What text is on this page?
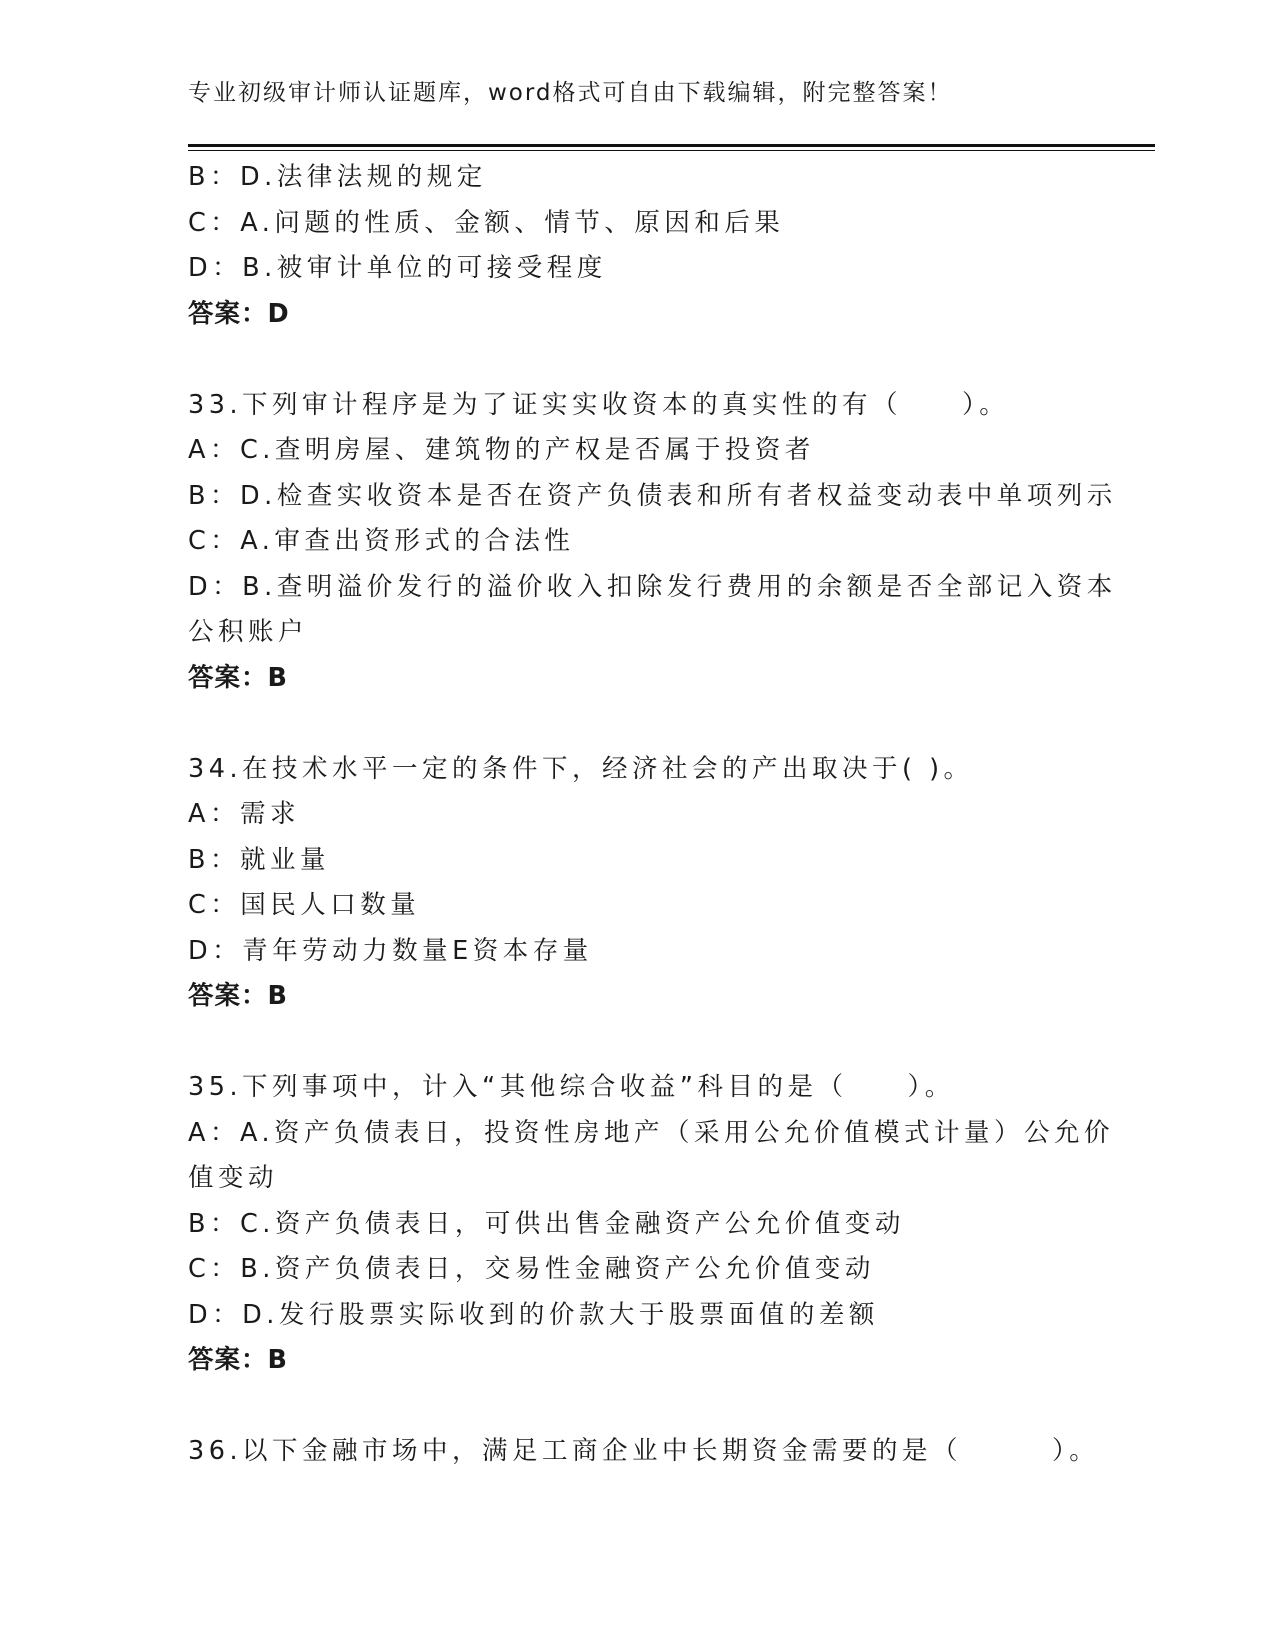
专业初级审计师认证题库，word格式可自由下载编辑，附完整答案！
B：D.法律法规的规定
C：A.问题的性质、金额、情节、原因和后果
D：B.被审计单位的可接受程度
答案：D
33.下列审计程序是为了证实实收资本的真实性的有（　　）。
A：C.查明房屋、建筑物的产权是否属于投资者
B：D.检查实收资本是否在资产负债表和所有者权益变动表中单项列示
C：A.审查出资形式的合法性
D：B.查明溢价发行的溢价收入扣除发行费用的余额是否全部记入资本
公积账户
答案：B
34.在技术水平一定的条件下，经济社会的产出取决于( )。
A：需求
B：就业量
C：国民人口数量
D：青年劳动力数量E资本存量
答案：B
35.下列事项中，计入“其他综合收益”科目的是（　　）。
A：A.资产负债表日，投资性房地产（采用公允价值模式计量）公允价
值变动
B：C.资产负债表日，可供出售金融资产公允价值变动
C：B.资产负债表日，交易性金融资产公允价值变动
D：D.发行股票实际收到的价款大于股票面值的差额
答案：B
36.以下金融市场中，满足工商企业中长期资金需要的是（　　　）。
